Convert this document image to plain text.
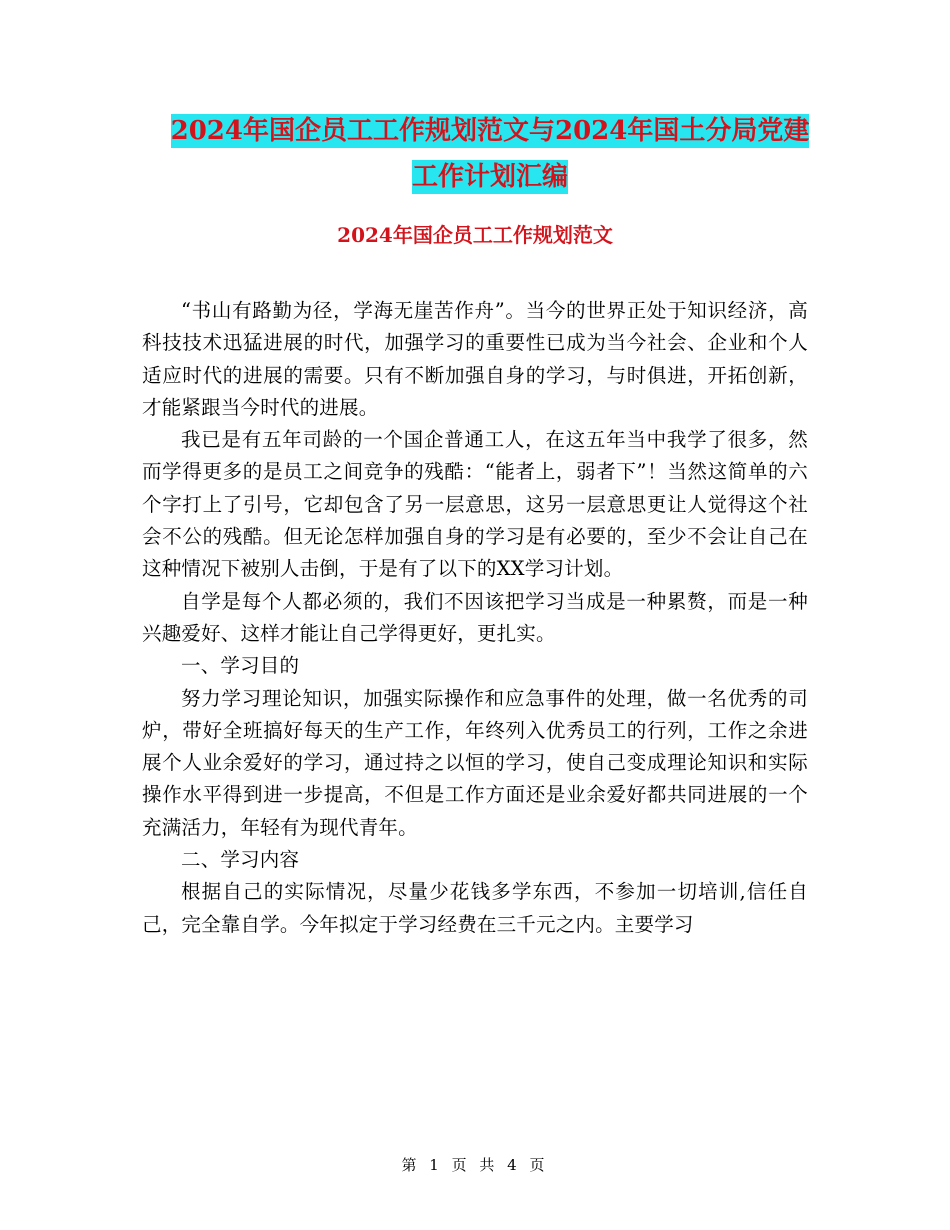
2024年国企员工工作规划范文与2024年国土分局党建
工作计划汇编
2024年国企员工工作规划范文

“书山有路勤为径，学海无崖苦作舟”。当今的世界正处于知识经济，高科技技术迅猛进展的时代，加强学习的重要性已成为当今社会、企业和个人适应时代的进展的需要。只有不断加强自身的学习，与时俱进，开拓创新，才能紧跟当今时代的进展。

我已是有五年司龄的一个国企普通工人，在这五年当中我学了很多，然而学得更多的是员工之间竞争的残酷：“能者上，弱者下”！当然这简单的六个字打上了引号，它却包含了另一层意思，这另一层意思更让人觉得这个社会不公的残酷。但无论怎样加强自身的学习是有必要的，至少不会让自己在这种情况下被别人击倒，于是有了以下的XX学习计划。

自学是每个人都必须的，我们不因该把学习当成是一种累赘，而是一种兴趣爱好、这样才能让自己学得更好，更扎实。

一、学习目的

努力学习理论知识，加强实际操作和应急事件的处理，做一名优秀的司炉，带好全班搞好每天的生产工作，年终列入优秀员工的行列，工作之余进展个人业余爱好的学习，通过持之以恒的学习，使自己变成理论知识和实际操作水平得到进一步提高，不但是工作方面还是业余爱好都共同进展的一个充满活力，年轻有为现代青年。

二、学习内容

根据自己的实际情况，尽量少花钱多学东西，不参加一切培训,信任自己，完全靠自学。今年拟定于学习经费在三千元之内。主要学习

第 1 页 共 4 页
